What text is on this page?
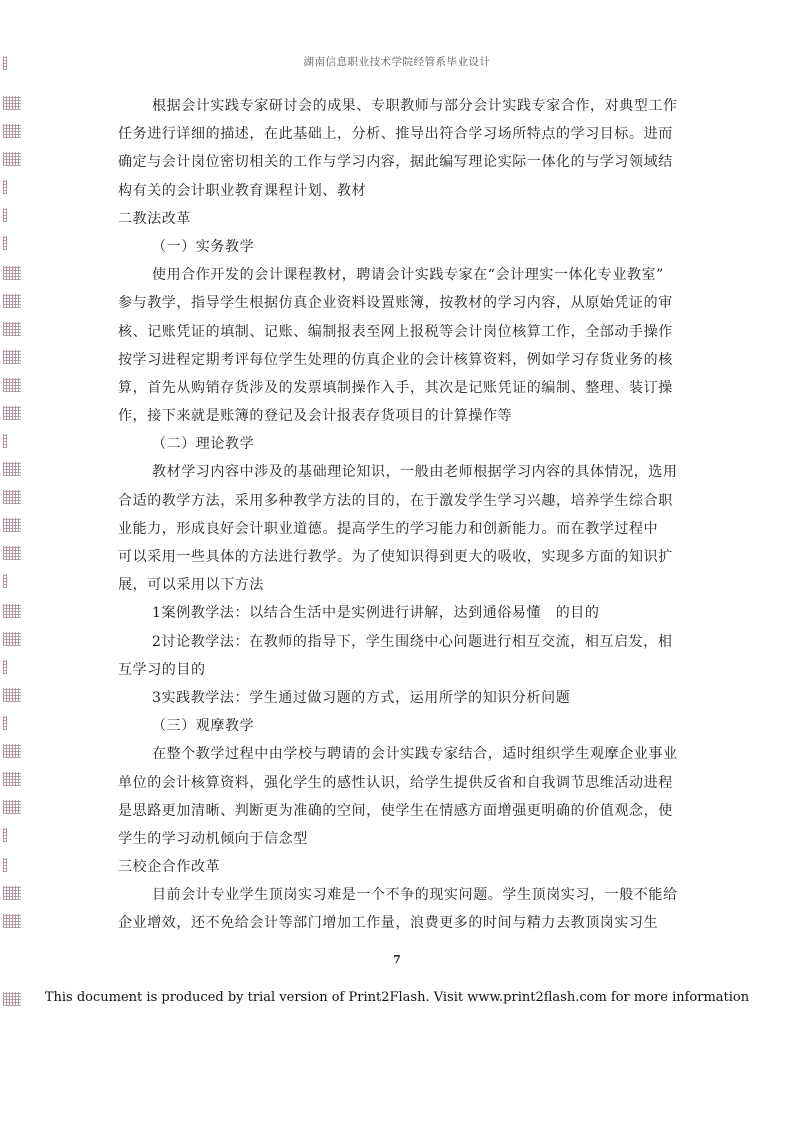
湖南信息职业技术学院经管系毕业设计
根据会计实践专家研讨会的成果、专职教师与部分会计实践专家合作，对典型工作
任务进行详细的描述，在此基础上，分析、推导出符合学习场所特点的学习目标。进而
确定与会计岗位密切相关的工作与学习内容，据此编写理论实际一体化的与学习领域结
构有关的会计职业教育课程计划、教材
二教法改革
（一）实务教学
使用合作开发的会计课程教材，聘请会计实践专家在“会计理实一体化专业教室”
参与教学，指导学生根据仿真企业资料设置账簿，按教材的学习内容，从原始凭证的审
核、记账凭证的填制、记账、编制报表至网上报税等会计岗位核算工作，全部动手操作
按学习进程定期考评每位学生处理的仿真企业的会计核算资料，例如学习存货业务的核
算，首先从购销存货涉及的发票填制操作入手，其次是记账凭证的编制、整理、装订操
作，接下来就是账簿的登记及会计报表存货项目的计算操作等
（二）理论教学
教材学习内容中涉及的基础理论知识，一般由老师根据学习内容的具体情况，选用
合适的教学方法，采用多种教学方法的目的，在于激发学生学习兴趣，培养学生综合职
业能力，形成良好会计职业道德。提高学生的学习能力和创新能力。而在教学过程中
可以采用一些具体的方法进行教学。为了使知识得到更大的吸收，实现多方面的知识扩
展，可以采用以下方法
1案例教学法：以结合生活中是实例进行讲解，达到通俗易懂　的目的
2讨论教学法：在教师的指导下，学生围绕中心问题进行相互交流，相互启发，相
互学习的目的
3实践教学法：学生通过做习题的方式，运用所学的知识分析问题
（三）观摩教学
在整个教学过程中由学校与聘请的会计实践专家结合，适时组织学生观摩企业事业
单位的会计核算资料，强化学生的感性认识，给学生提供反省和自我调节思维活动进程
是思路更加清晰、判断更为准确的空间，使学生在情感方面增强更明确的价值观念，使
学生的学习动机倾向于信念型
三校企合作改革
目前会计专业学生顶岗实习难是一个不争的现实问题。学生顶岗实习，一般不能给
企业增效，还不免给会计等部门增加工作量，浪费更多的时间与精力去教顶岗实习生
7
This document is produced by trial version of Print2Flash. Visit www.print2flash.com for more information
